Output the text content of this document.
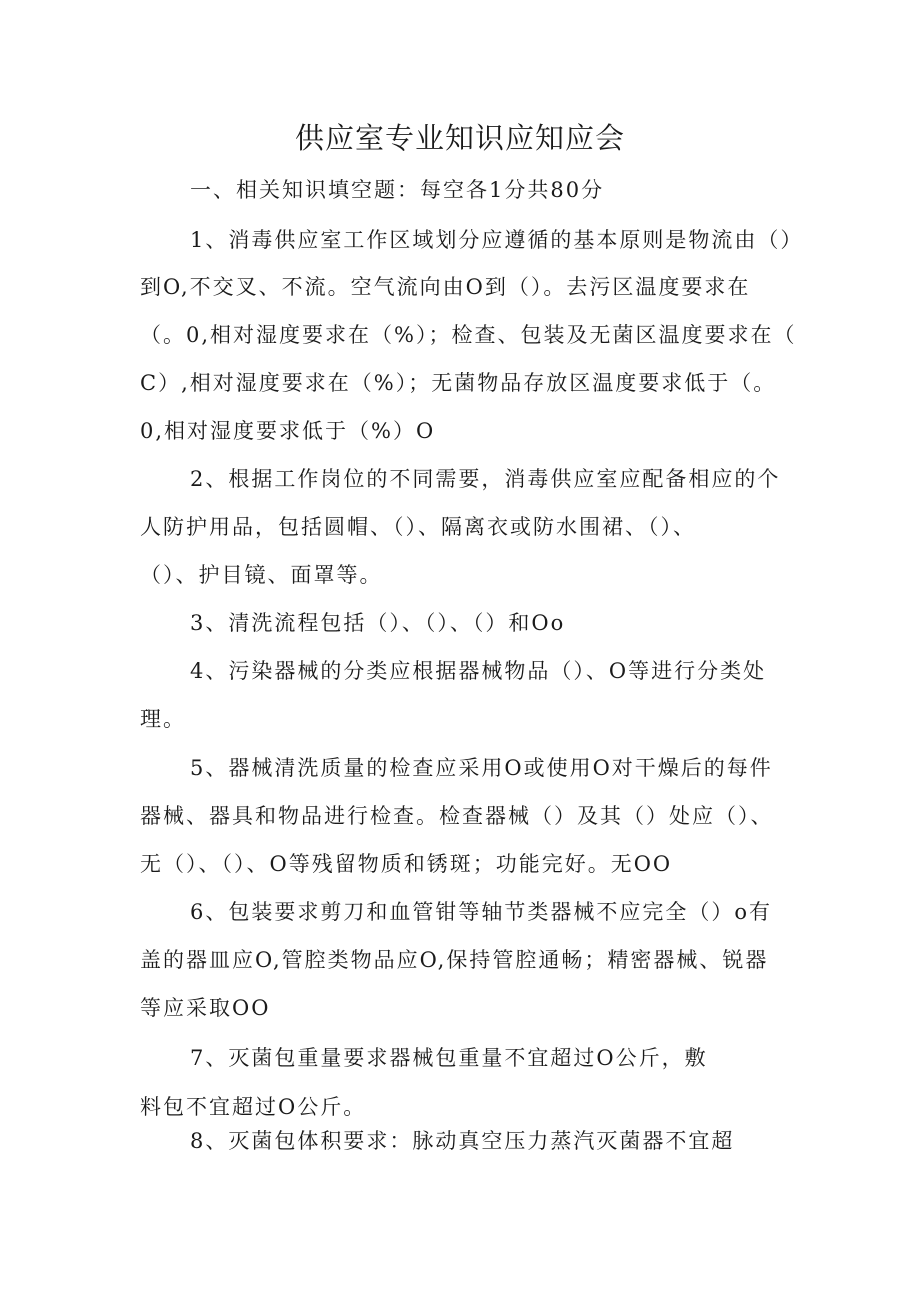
供应室专业知识应知应会
一、相关知识填空题：每空各1分共80分
1、消毒供应室工作区域划分应遵循的基本原则是物流由（）
到O,不交叉、不流。空气流向由O到（）。去污区温度要求在
（。0,相对湿度要求在（%）；检查、包装及无菌区温度要求在（
C）,相对湿度要求在（%）；无菌物品存放区温度要求低于（。
0,相对湿度要求低于（%）O
2、根据工作岗位的不同需要，消毒供应室应配备相应的个
人防护用品，包括圆帽、（）、隔离衣或防水围裙、（）、
（）、护目镜、面罩等。
3、清洗流程包括（）、（）、（）和Oo
4、污染器械的分类应根据器械物品（）、O等进行分类处
理。
5、器械清洗质量的检查应采用O或使用O对干燥后的每件
器械、器具和物品进行检查。检查器械（）及其（）处应（）、
无（）、（）、O等残留物质和锈斑；功能完好。无OO
6、包装要求剪刀和血管钳等轴节类器械不应完全（）o有
盖的器皿应O,管腔类物品应O,保持管腔通畅；精密器械、锐器
等应采取OO
7、灭菌包重量要求器械包重量不宜超过O公斤，敷
料包不宜超过O公斤。
8、灭菌包体积要求：脉动真空压力蒸汽灭菌器不宜超
